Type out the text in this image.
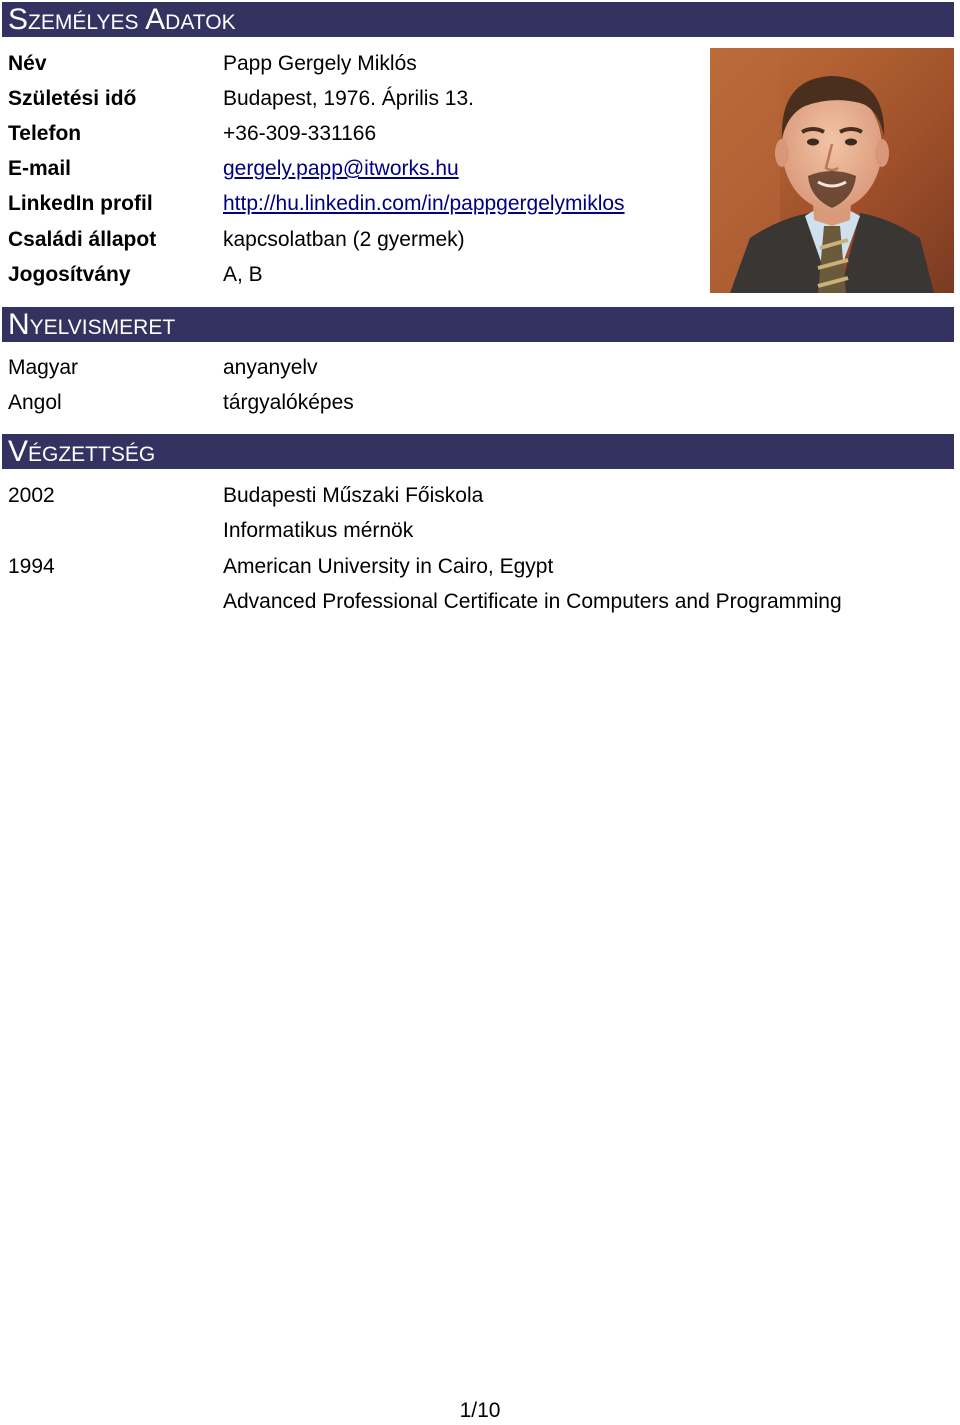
Személyes Adatok
Név	Papp Gergely Miklós
Születési idő	Budapest, 1976. Április 13.
Telefon	+36-309-331166
E-mail	gergely.papp@itworks.hu
LinkedIn profil	http://hu.linkedin.com/in/pappgergelymiklos
Családi állapot	kapcsolatban (2 gyermek)
Jogosítvány	A, B
Nyelvismeret
Magyar	anyanyelv
Angol	tárgyalóképes
Végzettség
2002	Budapesti Műszaki Főiskola
Informatikus mérnök
1994	American University in Cairo, Egypt
Advanced Professional Certificate in Computers and Programming
1/10
